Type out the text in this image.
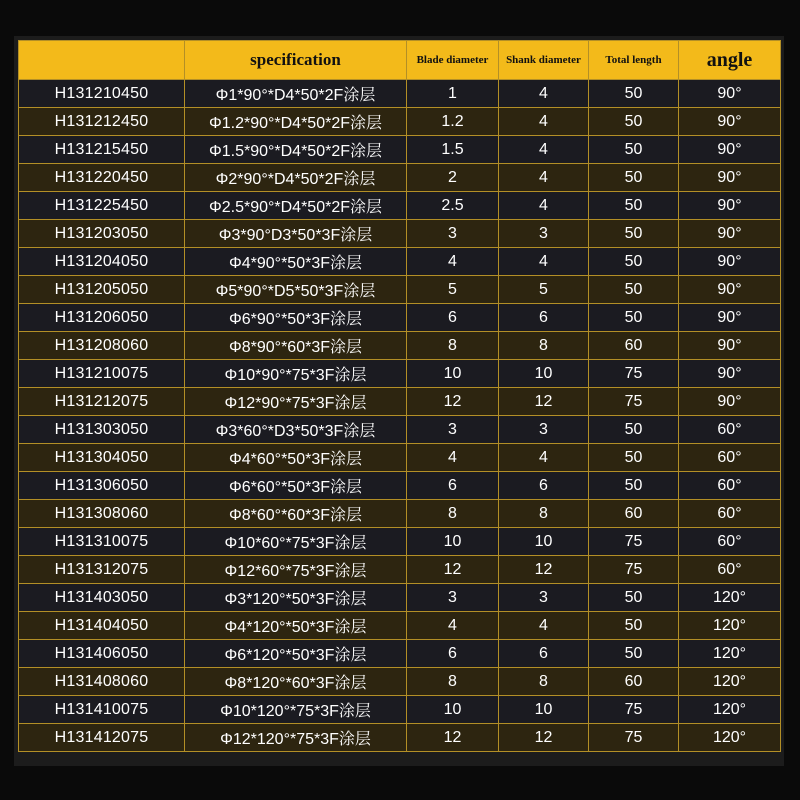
	specification	Blade diameter	Shank diameter	Total length	angle
H131210450	Φ1*90°*D4*50*2F涂层	1	4	50	90°
H131212450	Φ1.2*90°*D4*50*2F涂层	1.2	4	50	90°
H131215450	Φ1.5*90°*D4*50*2F涂层	1.5	4	50	90°
H131220450	Φ2*90°*D4*50*2F涂层	2	4	50	90°
H131225450	Φ2.5*90°*D4*50*2F涂层	2.5	4	50	90°
H131203050	Φ3*90°D3*50*3F涂层	3	3	50	90°
H131204050	Φ4*90°*50*3F涂层	4	4	50	90°
H131205050	Φ5*90°*D5*50*3F涂层	5	5	50	90°
H131206050	Φ6*90°*50*3F涂层	6	6	50	90°
H131208060	Φ8*90°*60*3F涂层	8	8	60	90°
H131210075	Φ10*90°*75*3F涂层	10	10	75	90°
H131212075	Φ12*90°*75*3F涂层	12	12	75	90°
H131303050	Φ3*60°*D3*50*3F涂层	3	3	50	60°
H131304050	Φ4*60°*50*3F涂层	4	4	50	60°
H131306050	Φ6*60°*50*3F涂层	6	6	50	60°
H131308060	Φ8*60°*60*3F涂层	8	8	60	60°
H131310075	Φ10*60°*75*3F涂层	10	10	75	60°
H131312075	Φ12*60°*75*3F涂层	12	12	75	60°
H131403050	Φ3*120°*50*3F涂层	3	3	50	120°
H131404050	Φ4*120°*50*3F涂层	4	4	50	120°
H131406050	Φ6*120°*50*3F涂层	6	6	50	120°
H131408060	Φ8*120°*60*3F涂层	8	8	60	120°
H131410075	Φ10*120°*75*3F涂层	10	10	75	120°
H131412075	Φ12*120°*75*3F涂层	12	12	75	120°
